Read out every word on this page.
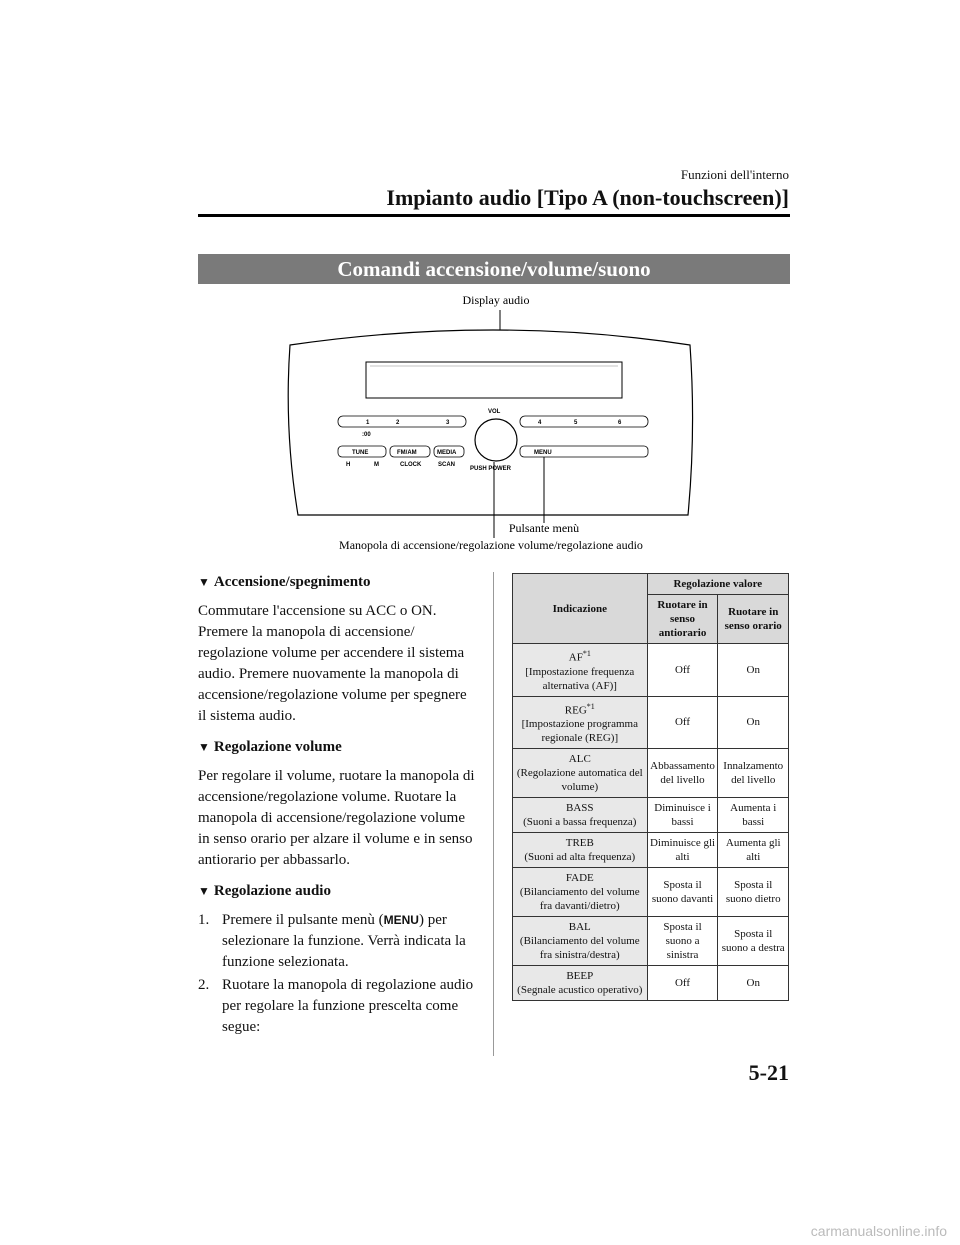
Funzioni dell'interno
Impianto audio [Tipo A (non-touchscreen)]
Comandi accensione/volume/suono
Display audio
1	2	3
:00
4	5	6
VOL
TUNE	FM/AM	MEDIA	MENU
H	M	CLOCK	SCAN
PUSH POWER
Pulsante menù
Manopola di accensione/regolazione volume/regolazione audio
▼ Accensione/spegnimento

Commutare l'accensione su ACC o ON. Premere la manopola di accensione/ regolazione volume per accendere il sistema audio. Premere nuovamente la manopola di accensione/regolazione volume per spegnere il sistema audio.

▼ Regolazione volume

Per regolare il volume, ruotare la manopola di accensione/regolazione volume. Ruotare la manopola di accensione/regolazione volume in senso orario per alzare il volume e in senso antiorario per abbassarlo.

▼ Regolazione audio
1. Premere il pulsante menù (MENU) per selezionare la funzione. Verrà indicata la funzione selezionata.
2. Ruotare la manopola di regolazione audio per regolare la funzione prescelta come segue:
Indicazione	Regolazione valore	
	Ruotare in senso antiorario	Ruotare in senso orario
AF$^{*1}$
[Impostazione frequenza alternativa (AF)]	Off	On
REG$^{*1}$
[Impostazione programma regionale (REG)]	Off	On
ALC
(Regolazione automatica del volume)	Abbassamento del livello	Innalzamento del livello
BASS
(Suoni a bassa frequenza)	Diminuisce i bassi	Aumenta i bassi
TREB
(Suoni ad alta frequenza)	Diminuisce gli alti	Aumenta gli alti
FADE
(Bilanciamento del volume fra davanti/dietro)	Sposta il suono davanti	Sposta il suono dietro
BAL
(Bilanciamento del volume fra sinistra/destra)	Sposta il suono a sinistra	Sposta il suono a destra
BEEP
(Segnale acustico operativo)	Off	On
5-21
carmanualsonline.info
